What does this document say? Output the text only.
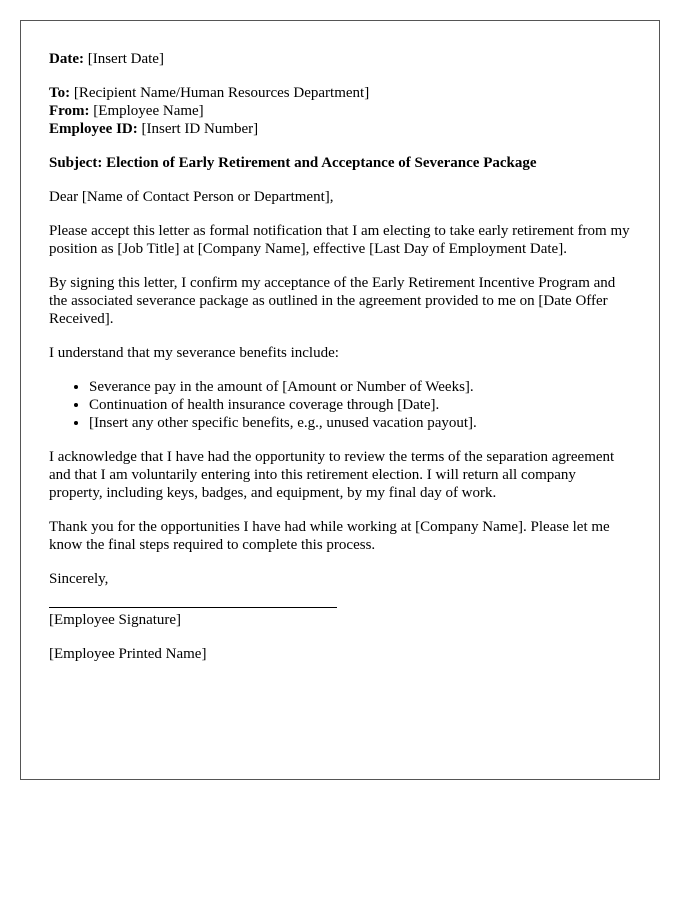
Date: [Insert Date]

To: [Recipient Name/Human Resources Department]
From: [Employee Name]
Employee ID: [Insert ID Number]

Subject: Election of Early Retirement and Acceptance of Severance Package

Dear [Name of Contact Person or Department],

Please accept this letter as formal notification that I am electing to take early retirement from my position as [Job Title] at [Company Name], effective [Last Day of Employment Date].

By signing this letter, I confirm my acceptance of the Early Retirement Incentive Program and the associated severance package as outlined in the agreement provided to me on [Date Offer Received].

I understand that my severance benefits include:

• Severance pay in the amount of [Amount or Number of Weeks].
• Continuation of health insurance coverage through [Date].
• [Insert any other specific benefits, e.g., unused vacation payout].

I acknowledge that I have had the opportunity to review the terms of the separation agreement and that I am voluntarily entering into this retirement election. I will return all company property, including keys, badges, and equipment, by my final day of work.

Thank you for the opportunities I have had while working at [Company Name]. Please let me know the final steps required to complete this process.

Sincerely,

[Employee Signature]

[Employee Printed Name]
